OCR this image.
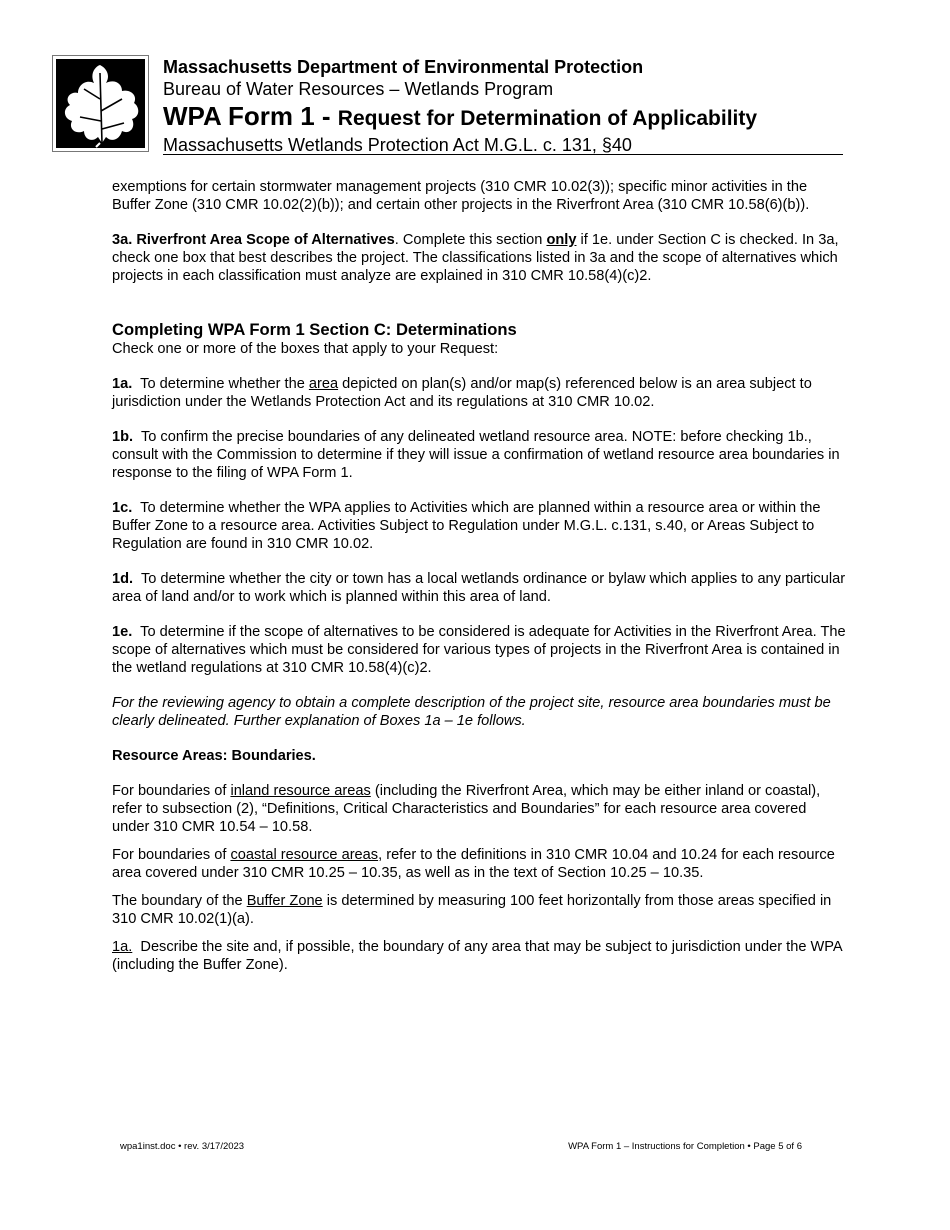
Massachusetts Department of Environmental Protection
Bureau of Water Resources – Wetlands Program
WPA Form 1 - Request for Determination of Applicability
Massachusetts Wetlands Protection Act M.G.L. c. 131, §40

exemptions for certain stormwater management projects (310 CMR 10.02(3)); specific minor activities in the Buffer Zone (310 CMR 10.02(2)(b)); and certain other projects in the Riverfront Area (310 CMR 10.58(6)(b)).

3a. Riverfront Area Scope of Alternatives. Complete this section only if 1e. under Section C is checked. In 3a, check one box that best describes the project. The classifications listed in 3a and the scope of alternatives which projects in each classification must analyze are explained in 310 CMR 10.58(4)(c)2.

Completing WPA Form 1 Section C: Determinations

Check one or more of the boxes that apply to your Request:

1a.  To determine whether the area depicted on plan(s) and/or map(s) referenced below is an area subject to jurisdiction under the Wetlands Protection Act and its regulations at 310 CMR 10.02.

1b.  To confirm the precise boundaries of any delineated wetland resource area. NOTE: before checking 1b., consult with the Commission to determine if they will issue a confirmation of wetland resource area boundaries in response to the filing of WPA Form 1.

1c.  To determine whether the WPA applies to Activities which are planned within a resource area or within the Buffer Zone to a resource area. Activities Subject to Regulation under M.G.L. c.131, s.40, or Areas Subject to Regulation are found in 310 CMR 10.02.

1d.  To determine whether the city or town has a local wetlands ordinance or bylaw which applies to any particular area of land and/or to work which is planned within this area of land.

1e.  To determine if the scope of alternatives to be considered is adequate for Activities in the Riverfront Area. The scope of alternatives which must be considered for various types of projects in the Riverfront Area is contained in the wetland regulations at 310 CMR 10.58(4)(c)2.

For the reviewing agency to obtain a complete description of the project site, resource area boundaries must be clearly delineated. Further explanation of Boxes 1a – 1e follows.

Resource Areas: Boundaries.

For boundaries of inland resource areas (including the Riverfront Area, which may be either inland or coastal), refer to subsection (2), “Definitions, Critical Characteristics and Boundaries” for each resource area covered under 310 CMR 10.54 – 10.58.

For boundaries of coastal resource areas, refer to the definitions in 310 CMR 10.04 and 10.24 for each resource area covered under 310 CMR 10.25 – 10.35, as well as in the text of Section 10.25 – 10.35.

The boundary of the Buffer Zone is determined by measuring 100 feet horizontally from those areas specified in 310 CMR 10.02(1)(a).

1a.  Describe the site and, if possible, the boundary of any area that may be subject to jurisdiction under the WPA (including the Buffer Zone).

wpa1inst.doc • rev. 3/17/2023	WPA Form 1 – Instructions for Completion • Page 5 of 6
